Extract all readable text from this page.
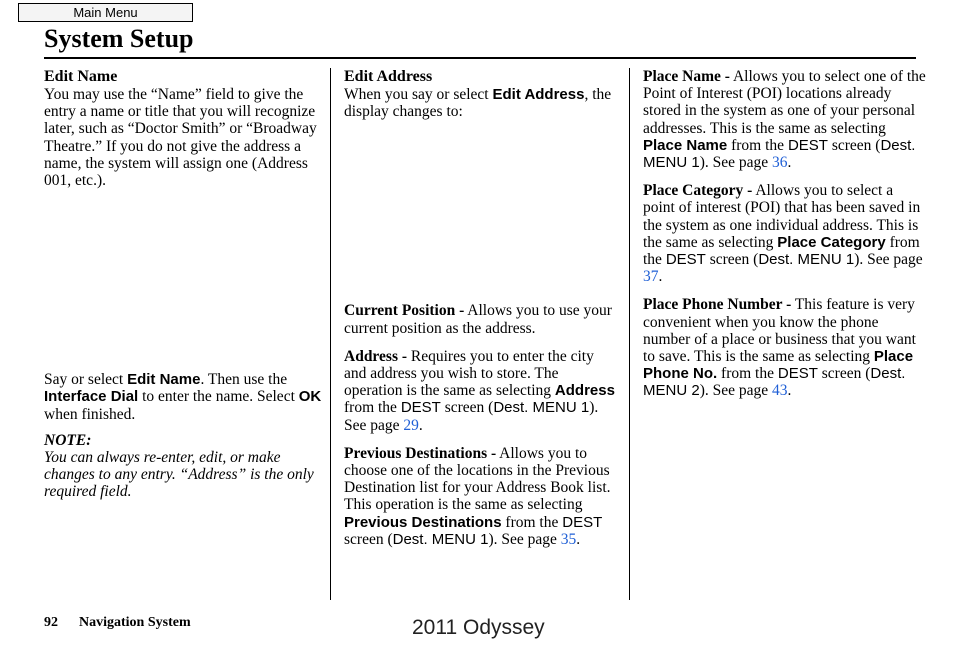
Main Menu
System Setup
Edit Name

You may use the “Name” field to give the entry a name or title that you will recognize later, such as “Doctor Smith” or “Broadway Theatre.” If you do not give the address a name, the system will assign one (Address 001, etc.).

Say or select Edit Name. Then use the Interface Dial to enter the name. Select OK when finished.

NOTE:

You can always re-enter, edit, or make changes to any entry. “Address” is the only required field.

Edit Address

When you say or select Edit Address, the display changes to:

Current Position - Allows you to use your current position as the address.

Address - Requires you to enter the city and address you wish to store. The operation is the same as selecting Address from the DEST screen (Dest. MENU 1). See page 29.

Previous Destinations - Allows you to choose one of the locations in the Previous Destination list for your Address Book list. This operation is the same as selecting Previous Destinations from the DEST screen (Dest. MENU 1). See page 35.

Place Name - Allows you to select one of the Point of Interest (POI) locations already stored in the system as one of your personal addresses. This is the same as selecting Place Name from the DEST screen (Dest. MENU 1). See page 36.

Place Category - Allows you to select a point of interest (POI) that has been saved in the system as one individual address. This is the same as selecting Place Category from the DEST screen (Dest. MENU 1). See page 37.

Place Phone Number - This feature is very convenient when you know the phone number of a place or business that you want to save. This is the same as selecting Place Phone No. from the DEST screen (Dest. MENU 2). See page 43.

92 Navigation System	2011 Odyssey
